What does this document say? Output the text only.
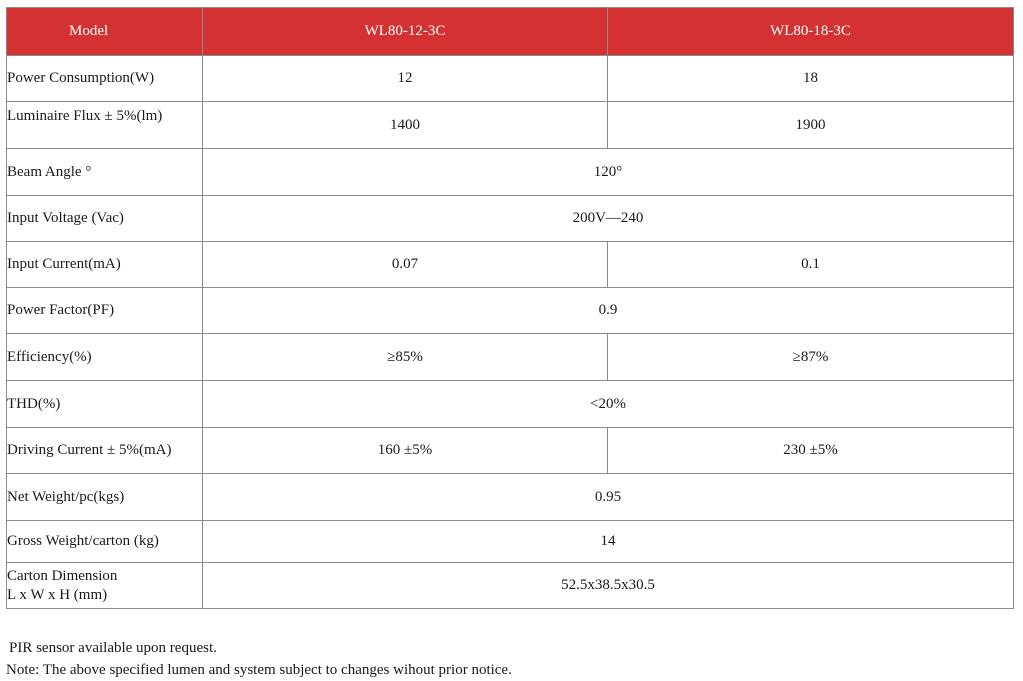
Model	WL80-12-3C	WL80-18-3C
Power Consumption(W)	12	18
Luminaire Flux ± 5%(lm)	1400	1900
Beam Angle °	120°	
Input Voltage (Vac)	200V—240	
Input Current(mA)	0.07	0.1
Power Factor(PF)	0.9	
Efficiency(%)	≥85%	≥87%
THD(%)	<20%	
Driving Current ± 5%(mA)	160 ±5%	230 ±5%
Net Weight/pc(kgs)	0.95	
Gross Weight/carton (kg)	14	

Carton Dimension
L x W x H (mm)	52.5x38.5x30.5	
PIR sensor available upon request.
Note: The above specified lumen and system subject to changes wihout prior notice.
